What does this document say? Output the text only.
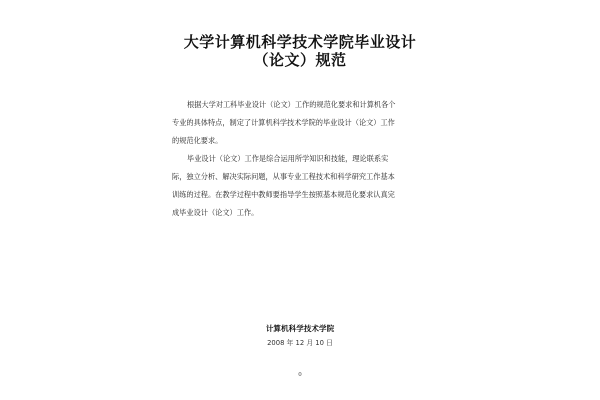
大学计算机科学技术学院毕业设计
（论文）规范
根据大学对工科毕业设计（论文）工作的规范化要求和计算机各个
专业的具体特点，制定了计算机科学技术学院的毕业设计（论文）工作
的规范化要求。
毕业设计（论文）工作是综合运用所学知识和技能，理论联系实
际，独立分析、解决实际问题，从事专业工程技术和科学研究工作基本
训练的过程。在教学过程中教师要指导学生按照基本规范化要求认真完
成毕业设计（论文）工作。
计算机科学技术学院
2008 年 12 月 10 日
0
